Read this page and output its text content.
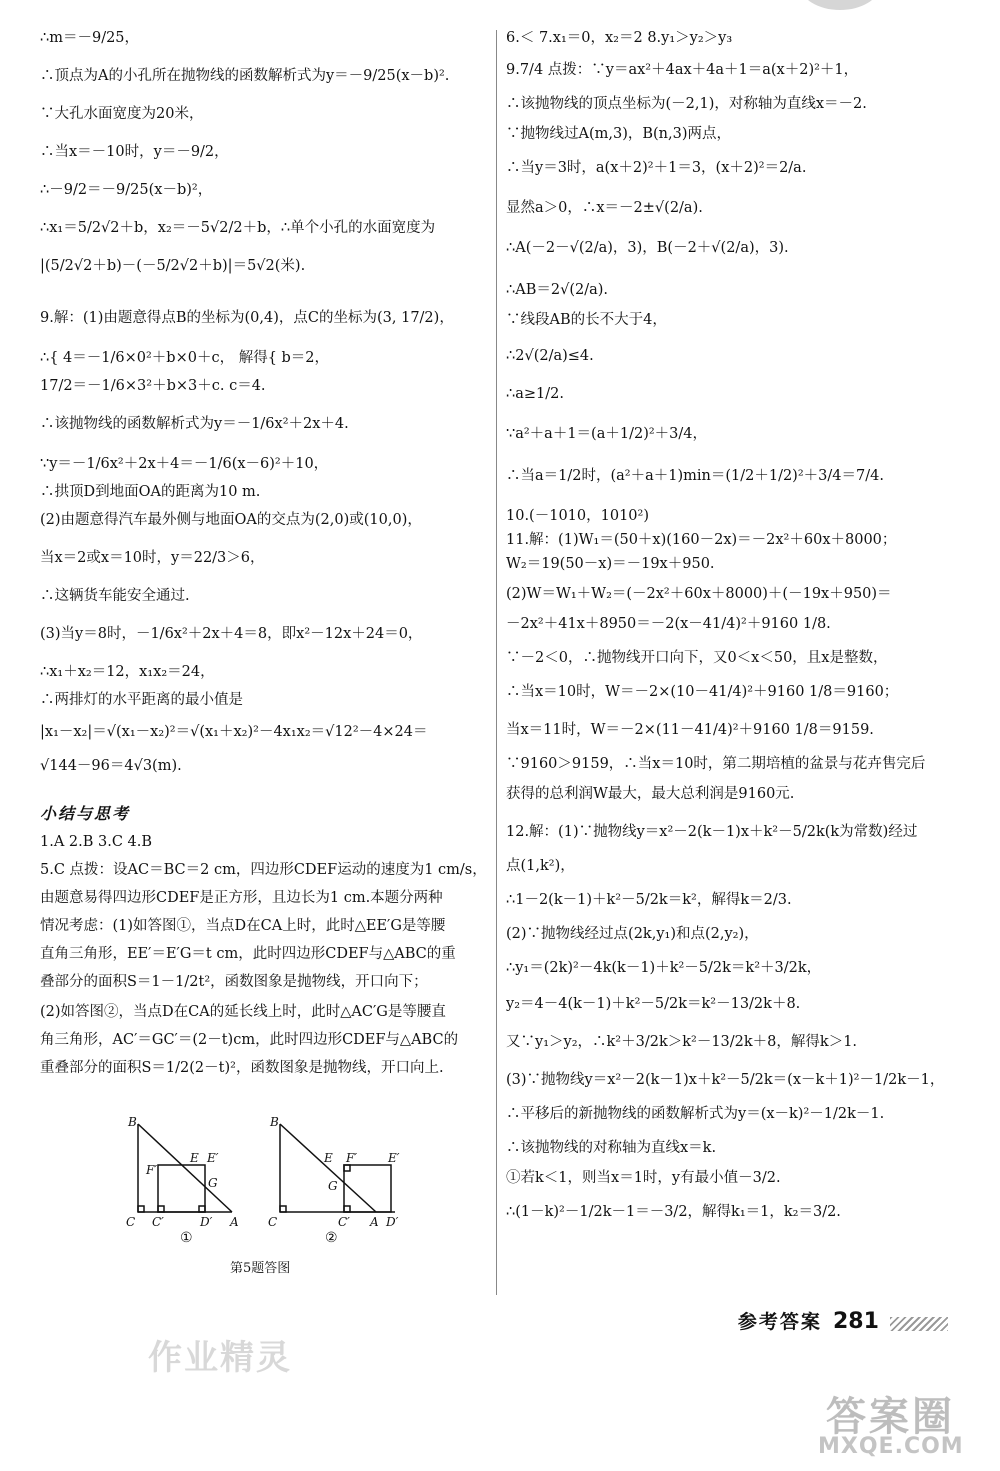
∴m＝－9/25，
∴顶点为A的小孔所在抛物线的函数解析式为y＝－9/25(x－b)².
∵大孔水面宽度为20米，
∴当x＝－10时，y＝－9/2，
∴－9/2＝－9/25(x－b)²，
∴x₁＝5/2√2＋b，x₂＝－5√2/2＋b，∴单个小孔的水面宽度为
|(5/2√2＋b)－(－5/2√2＋b)|＝5√2(米).
9.解：(1)由题意得点B的坐标为(0,4)，点C的坐标为(3, 17/2)，
∴{ 4＝－1/6×0²＋b×0＋c， 解得{ b＝2，
17/2＝－1/6×3²＋b×3＋c. c＝4.
∴该抛物线的函数解析式为y＝－1/6x²＋2x＋4.
∵y＝－1/6x²＋2x＋4＝－1/6(x－6)²＋10，
∴拱顶D到地面OA的距离为10 m.
(2)由题意得汽车最外侧与地面OA的交点为(2,0)或(10,0)，
当x＝2或x＝10时，y＝22/3＞6，
∴这辆货车能安全通过.
(3)当y＝8时，－1/6x²＋2x＋4＝8，即x²－12x＋24＝0，
∴x₁＋x₂＝12，x₁x₂＝24，
∴两排灯的水平距离的最小值是
|x₁－x₂|＝√(x₁－x₂)²＝√(x₁＋x₂)²－4x₁x₂＝√12²－4×24＝
√144－96＝4√3(m).
小结与思考
1.A 2.B 3.C 4.B
5.C 点拨：设AC＝BC＝2 cm，四边形CDEF运动的速度为1 cm/s，
由题意易得四边形CDEF是正方形，且边长为1 cm.本题分两种
情况考虑：(1)如答图①，当点D在CA上时，此时△EE′G是等腰
直角三角形，EE′＝E′G＝t cm，此时四边形CDEF与△ABC的重
叠部分的面积S＝1－1/2t²，函数图象是抛物线，开口向下；
(2)如答图②，当点D在CA的延长线上时，此时△AC′G是等腰直
角三角形，AC′＝GC′＝(2－t)cm，此时四边形CDEF与△ABC的
重叠部分的面积S＝1/2(2－t)²，函数图象是抛物线，开口向上.
6.＜ 7.x₁＝0，x₂＝2 8.y₁＞y₂＞y₃
9.7/4 点拨：∵y＝ax²＋4ax＋4a＋1＝a(x＋2)²＋1，
∴该抛物线的顶点坐标为(－2,1)，对称轴为直线x＝－2.
∵抛物线过A(m,3)，B(n,3)两点，
∴当y＝3时，a(x＋2)²＋1＝3，(x＋2)²＝2/a.
显然a＞0，∴x＝－2±√(2/a).
∴A(－2－√(2/a)，3)，B(－2＋√(2/a)，3).
∴AB＝2√(2/a).
∵线段AB的长不大于4，
∴2√(2/a)≤4.
∴a≥1/2.
∵a²＋a＋1＝(a＋1/2)²＋3/4，
∴当a＝1/2时，(a²＋a＋1)min＝(1/2＋1/2)²＋3/4＝7/4.
10.(－1010，1010²)
11.解：(1)W₁＝(50＋x)(160－2x)＝－2x²＋60x＋8000；
W₂＝19(50－x)＝－19x＋950.
(2)W＝W₁＋W₂＝(－2x²＋60x＋8000)＋(－19x＋950)＝
－2x²＋41x＋8950＝－2(x－41/4)²＋9160 1/8.
∵－2＜0，∴抛物线开口向下，又0＜x＜50，且x是整数，
∴当x＝10时，W＝－2×(10－41/4)²＋9160 1/8＝9160；
当x＝11时，W＝－2×(11－41/4)²＋9160 1/8＝9159.
∵9160＞9159，∴当x＝10时，第二期培植的盆景与花卉售完后
获得的总利润W最大，最大总利润是9160元.
12.解：(1)∵抛物线y＝x²－2(k－1)x＋k²－5/2k(k为常数)经过
点(1,k²)，
∴1－2(k－1)＋k²－5/2k＝k²，解得k＝2/3.
(2)∵抛物线经过点(2k,y₁)和点(2,y₂)，
∴y₁＝(2k)²－4k(k－1)＋k²－5/2k＝k²＋3/2k，
y₂＝4－4(k－1)＋k²－5/2k＝k²－13/2k＋8.
又∵y₁＞y₂，∴k²＋3/2k＞k²－13/2k＋8，解得k＞1.
(3)∵抛物线y＝x²－2(k－1)x＋k²－5/2k＝(x－k＋1)²－1/2k－1，
∴平移后的新抛物线的函数解析式为y＝(x－k)²－1/2k－1.
∴该抛物线的对称轴为直线x＝k.
①若k＜1，则当x＝1时，y有最小值－3/2.
∴(1－k)²－1/2k－1＝－3/2，解得k₁＝1，k₂＝3/2.
B
F′
E E′
G
C C′	D′ A
①
B
E F′	E′
G
C	C′ A D′
②
第5题答图
参考答案 281
作业精灵
答案圈
MXQE.COM
